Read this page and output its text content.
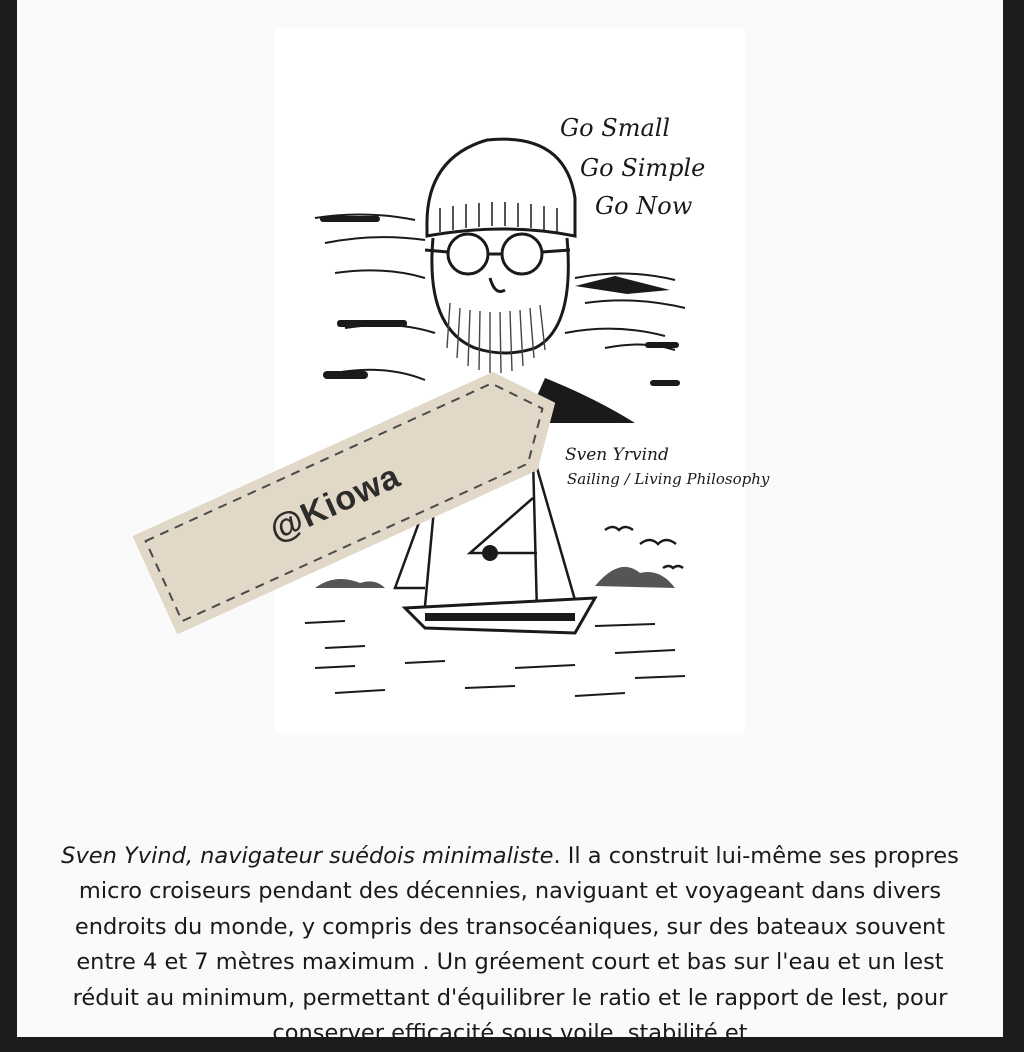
Go Small
Go Simple
Go Now
Sven Yrvind
Sailing / Living Philosophy
@Kiowa

Sven Yvind, navigateur suédois minimaliste. Il a construit lui-même ses propres micro croiseurs pendant des décennies, naviguant et voyageant dans divers endroits du monde, y compris des transocéaniques, sur des bateaux souvent entre 4 et 7 mètres maximum . Un gréement court et bas sur l'eau et un lest réduit au minimum, permettant d'équilibrer le ratio et le rapport de lest, pour conserver efficacité sous voile, stabilité et
